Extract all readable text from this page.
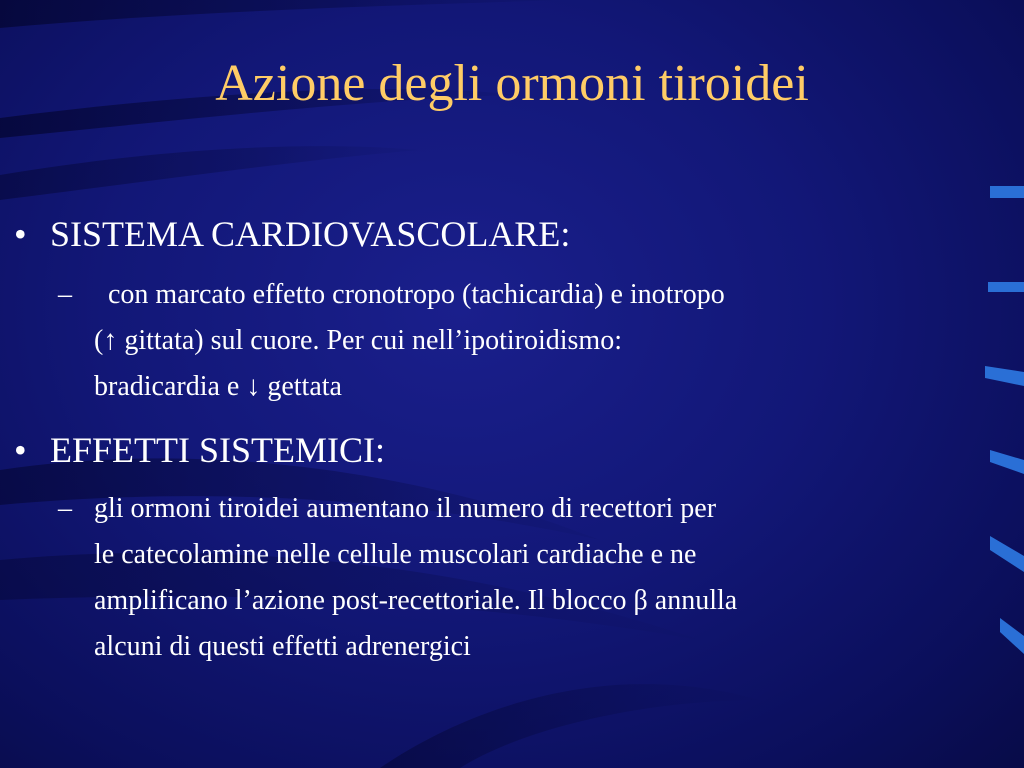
Azione degli ormoni tiroidei
• SISTEMA CARDIOVASCOLARE:
–  con marcato effetto cronotropo (tachicardia) e inotropo
(↑ gittata) sul cuore. Per cui nell’ipotiroidismo:
bradicardia e ↓ gettata
• EFFETTI SISTEMICI:
– gli ormoni tiroidei aumentano il numero di recettori per
le catecolamine nelle cellule muscolari cardiache e ne
amplificano l’azione post-recettoriale. Il blocco β annulla
alcuni di questi effetti adrenergici
